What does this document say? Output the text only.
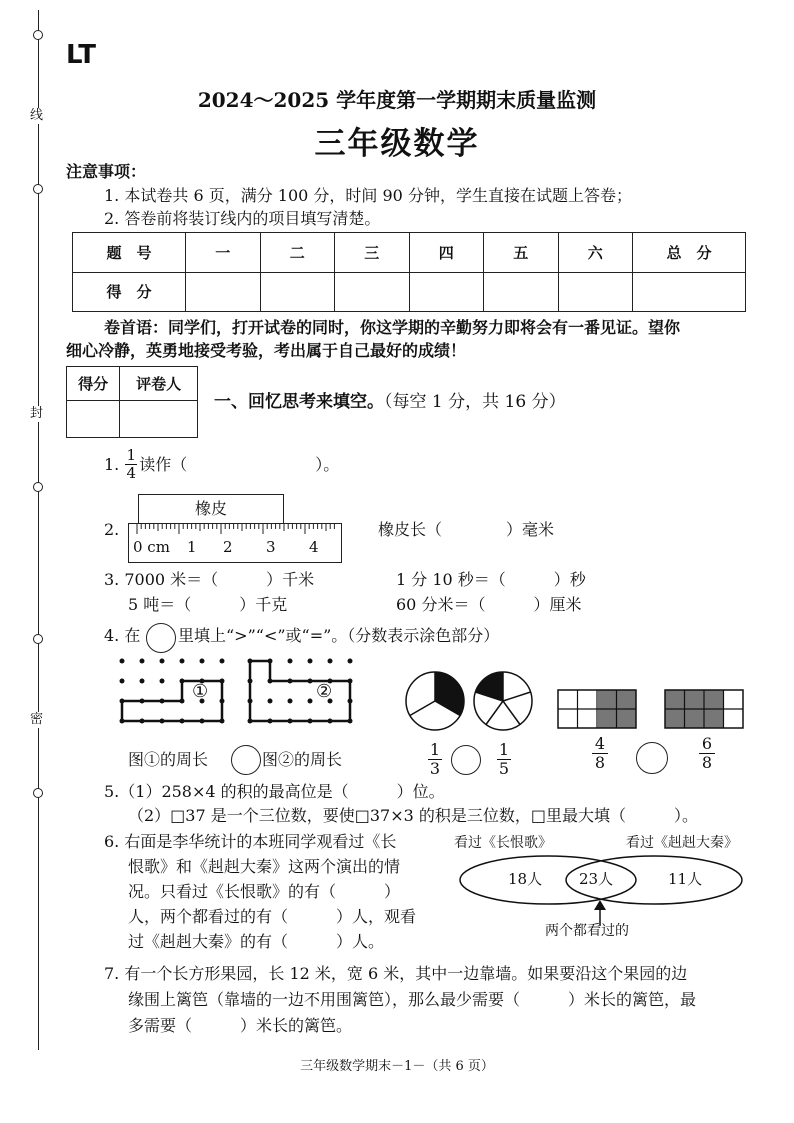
线
封
密
LT
2024～2025 学年度第一学期期末质量监测
三年级数学
注意事项：
1. 本试卷共 6 页，满分 100 分，时间 90 分钟，学生直接在试题上答卷；
2. 答卷前将装订线内的项目填写清楚。
题　号	一	二	三	四	五	六	总　分
得　分							
卷首语：同学们，打开试卷的同时，你这学期的辛勤努力即将会有一番见证。望你
细心冷静，英勇地接受考验，考出属于自己最好的成绩！
得分	评卷人

一、回忆思考来填空。（每空 1 分，共 16 分）
1. $\frac{1}{4}$ 读作（　　　　　　　　）。
2.
橡皮
0 cm 1 2 3 4
橡皮长（　　　　）毫米
3. 7000 米＝（　　　）千米	1 分 10 秒＝（　　　）秒
5 吨＝（　　　）千克	60 分米＝（　　　）厘米
4. 在 里填上“>”“<”或“=”。（分数表示涂色部分）
①	②
图①的周长	图②的周长
1
3
1
5
4
8
6
8
5.（1）258×4 的积的最高位是（　　　）位。
（2）□37 是一个三位数，要使□37×3 的积是三位数，□里最大填（　　　）。
6. 右面是李华统计的本班同学观看过《长
恨歌》和《赳赳大秦》这两个演出的情
况。只看过《长恨歌》的有（　　　）
人，两个都看过的有（　　　）人，观看
过《赳赳大秦》的有（　　　）人。
看过《长恨歌》	看过《赳赳大秦》
18人 23人	11人
两个都看过的
7. 有一个长方形果园，长 12 米，宽 6 米，其中一边靠墙。如果要沿这个果园的边
缘围上篱笆（靠墙的一边不用围篱笆），那么最少需要（　　　）米长的篱笆，最
多需要（　　　）米长的篱笆。
三年级数学期末－1－（共 6 页）
